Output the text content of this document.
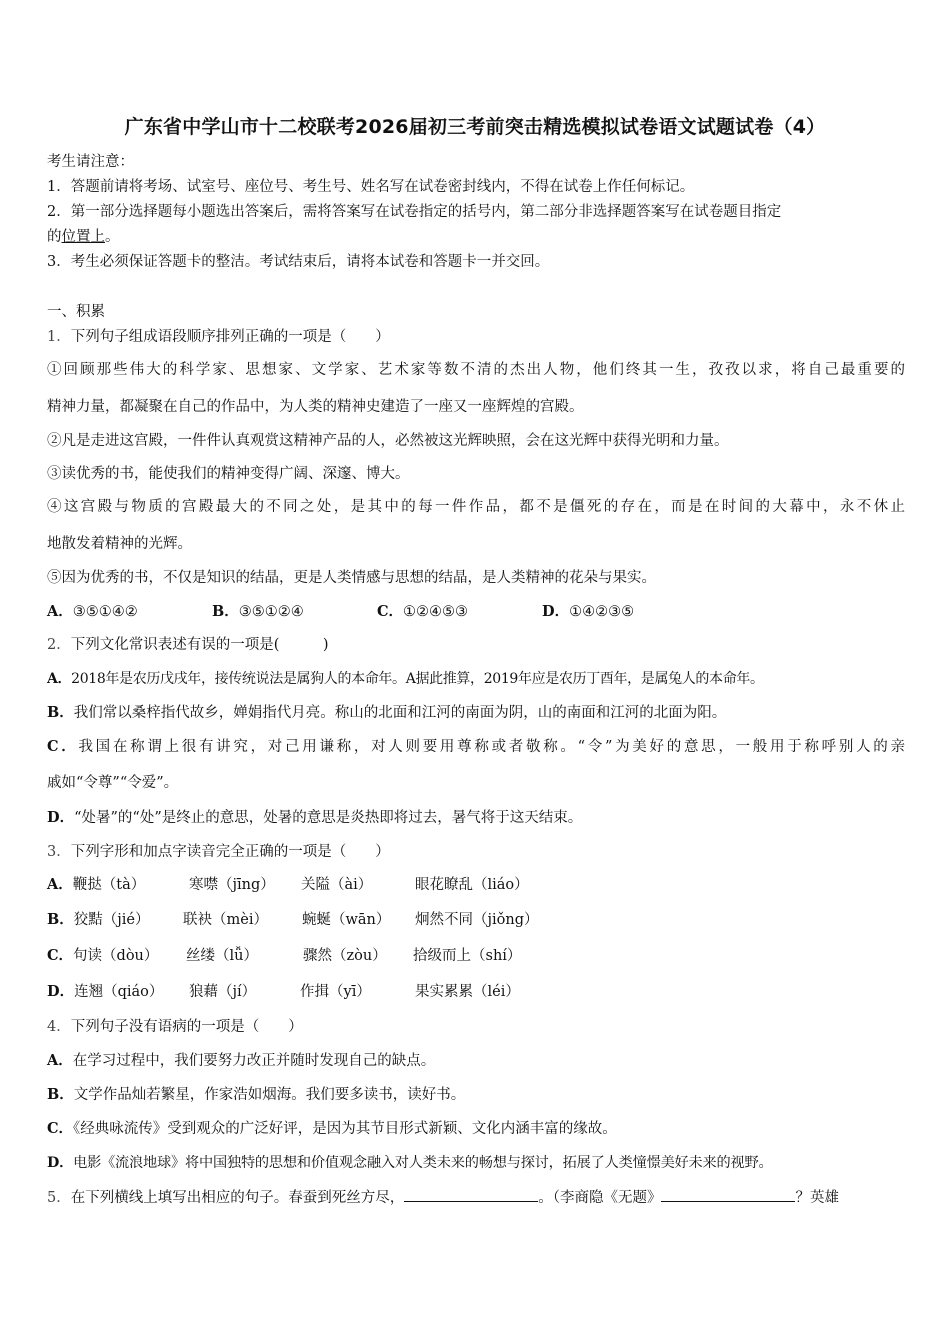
广东省中学山市十二校联考2026届初三考前突击精选模拟试卷语文试题试卷（4）
考生请注意：
1．答题前请将考场、试室号、座位号、考生号、姓名写在试卷密封线内，不得在试卷上作任何标记。
2．第一部分选择题每小题选出答案后，需将答案写在试卷指定的括号内，第二部分非选择题答案写在试卷题目指定
的位置上。
3．考生必须保证答题卡的整洁。考试结束后，请将本试卷和答题卡一并交回。
一、积累
1．下列句子组成语段顺序排列正确的一项是（　　）
①回顾那些伟大的科学家、思想家、文学家、艺术家等数不清的杰出人物，他们终其一生，孜孜以求，将自己最重要的
精神力量，都凝聚在自己的作品中，为人类的精神史建造了一座又一座辉煌的宫殿。
②凡是走进这宫殿，一件件认真观赏这精神产品的人，必然被这光辉映照，会在这光辉中获得光明和力量。
③读优秀的书，能使我们的精神变得广阔、深邃、博大。
④这宫殿与物质的宫殿最大的不同之处，是其中的每一件作品，都不是僵死的存在，而是在时间的大幕中，永不休止
地散发着精神的光辉。
⑤因为优秀的书，不仅是知识的结晶，更是人类情感与思想的结晶，是人类精神的花朵与果实。
A．③⑤①④②	B．③⑤①②④	C．①②④⑤③	D．①④②③⑤
2．下列文化常识表述有误的一项是(　　　)
A．2018年是农历戊戌年，接传统说法是属狗人的本命年。A据此推算，2019年应是农历丁酉年，是属兔人的本命年。
B．我们常以桑梓指代故乡，婵娟指代月亮。称山的北面和江河的南面为阴，山的南面和江河的北面为阳。
C．我国在称谓上很有讲究，对己用谦称，对人则要用尊称或者敬称。“令”为美好的意思，一般用于称呼别人的亲
戚如“令尊”“令爱”。
D．“处暑”的“处”是终止的意思，处暑的意思是炎热即将过去，暑气将于这天结束。
3．下列字形和加点字读音完全正确的一项是（　　）
A．鞭挞（tà）	寒噤（jīng） 关隘（ài）	眼花瞭乱（liáo）
B．狡黠（jié） 联袂（mèi） 蜿蜒（wān） 炯然不同（jiǒng）
C．句读（dòu） 丝缕（lǚ）	骤然（zòu） 拾级而上（shí）
D．连翘（qiáo） 狼藉（jí）	作揖（yī）	果实累累（léi）
4．下列句子没有语病的一项是（　　）
A．在学习过程中，我们要努力改正并随时发现自己的缺点。
B．文学作品灿若繁星，作家浩如烟海。我们要多读书，读好书。
C．《经典咏流传》受到观众的广泛好评，是因为其节目形式新颖、文化内涵丰富的缘故。
D．电影《流浪地球》将中国独特的思想和价值观念融入对人类未来的畅想与探讨，拓展了人类憧憬美好未来的视野。
5．在下列横线上填写出相应的句子。春蚕到死丝方尽，	。（李商隐《无题》	？英雄
